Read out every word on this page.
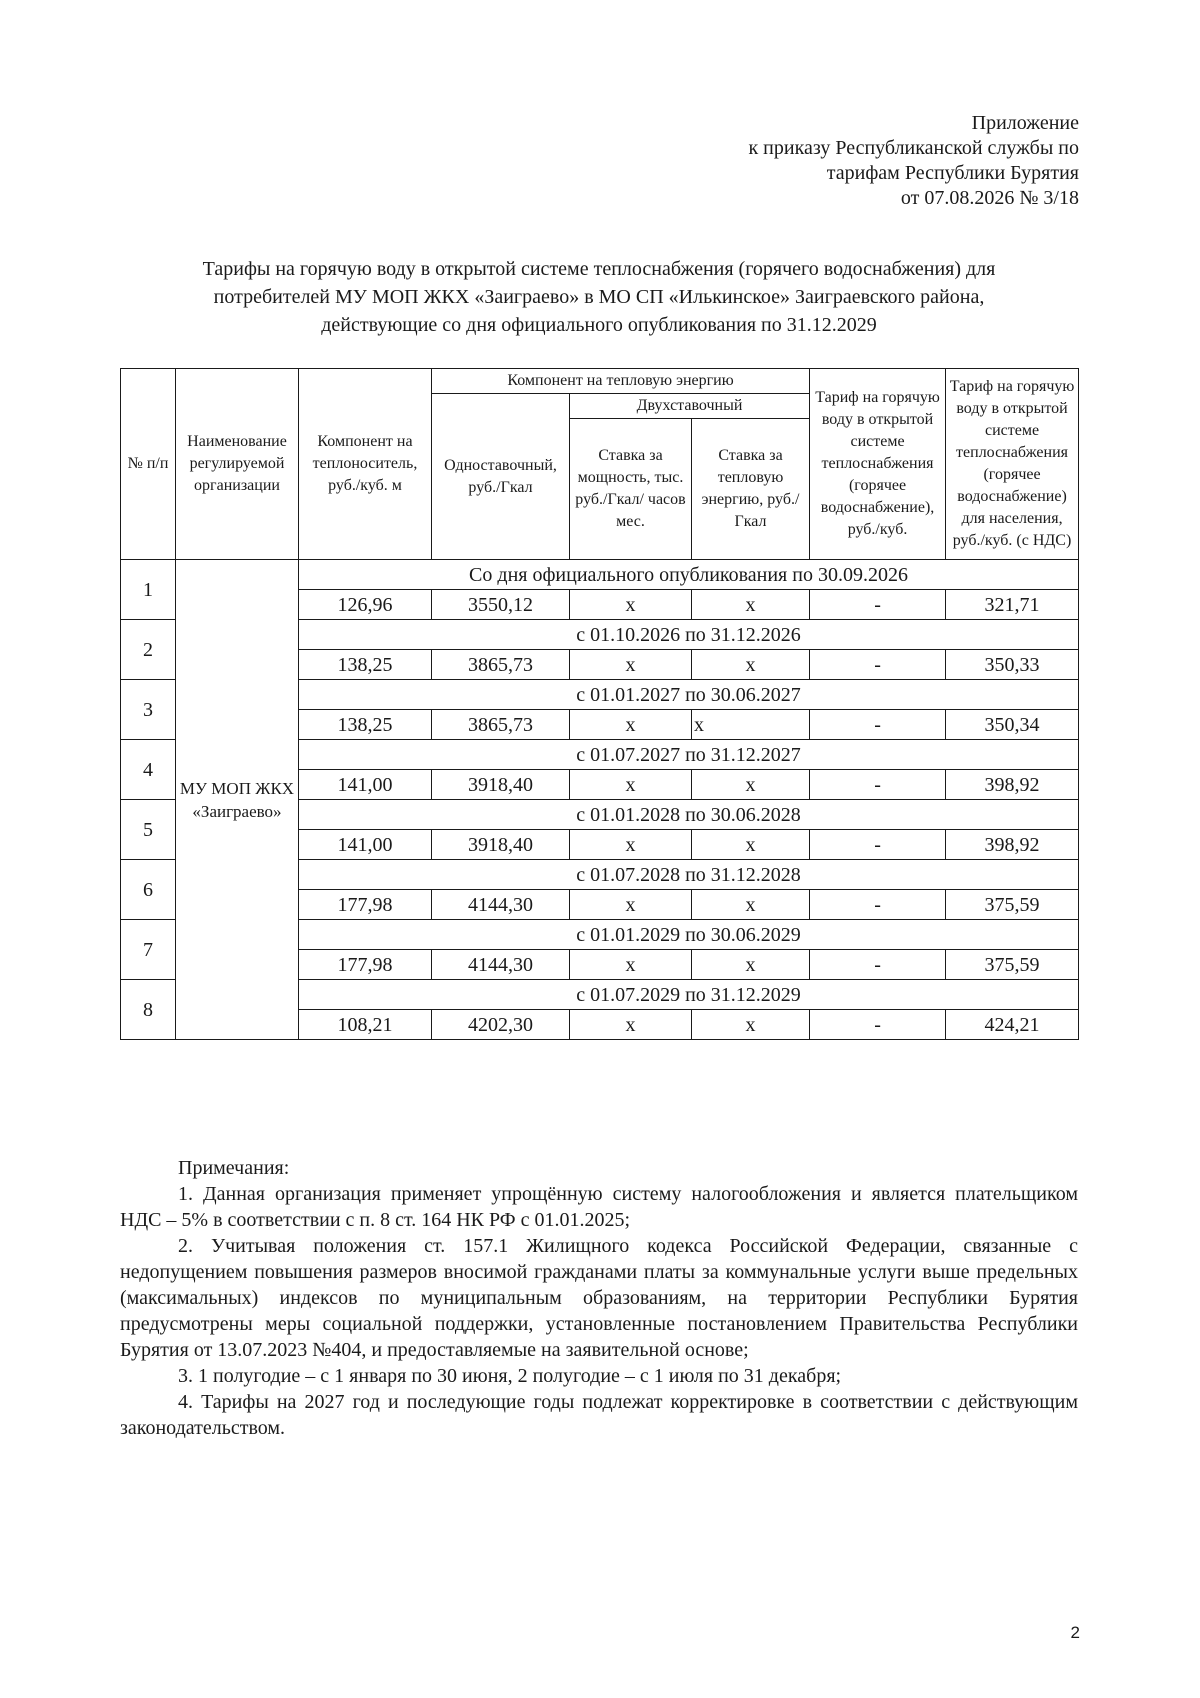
Приложение
к приказу Республиканской службы по
тарифам Республики Бурятия
от 07.08.2026 № 3/18
Тарифы на горячую воду в открытой системе теплоснабжения (горячего водоснабжения) для
потребителей МУ МОП ЖКХ «Заиграево» в МО СП «Илькинское» Заиграевского района,
действующие со дня официального опубликования по 31.12.2029
№ п/п	Наименование регулируемой организации	Компонент на теплоноситель, руб./куб. м	Компонент на тепловую энергию			Тариф на горячую воду в открытой системе теплоснабжения (горячее водоснабжение), руб./куб.	Тариф на горячую воду в открытой системе теплоснабжения (горячее водоснабжение) для населения, руб./куб. (с НДС)
			Одноставочный, руб./Гкал	Двухставочный			
				Ставка за мощность, тыс. руб./Гкал/ часов мес.	Ставка за тепловую энергию, руб./Гкал		
1	МУ МОП ЖКХ «Заиграево»	Со дня официального опубликования по 30.09.2026					
		126,96	3550,12	х	х	-	321,71
2		с 01.10.2026 по 31.12.2026					
		138,25	3865,73	х	х	-	350,33
3		с 01.01.2027 по 30.06.2027					
		138,25	3865,73	х	х	-	350,34
4		с 01.07.2027 по 31.12.2027					
		141,00	3918,40	х	х	-	398,92
5		с 01.01.2028 по 30.06.2028					
		141,00	3918,40	х	х	-	398,92
6		с 01.07.2028 по 31.12.2028					
		177,98	4144,30	х	х	-	375,59
7		с 01.01.2029 по 30.06.2029					
		177,98	4144,30	х	х	-	375,59
8		с 01.07.2029 по 31.12.2029					
		108,21	4202,30	х	х	-	424,21
Примечания:

1. Данная организация применяет упрощённую систему налогообложения и является плательщиком НДС – 5% в соответствии с п. 8 ст. 164 НК РФ с 01.01.2025;

2. Учитывая положения ст. 157.1 Жилищного кодекса Российской Федерации, связанные с недопущением повышения размеров вносимой гражданами платы за коммунальные услуги выше предельных (максимальных) индексов по муниципальным образованиям, на территории Республики Бурятия предусмотрены меры социальной поддержки, установленные постановлением Правительства Республики Бурятия от 13.07.2023 №404, и предоставляемые на заявительной основе;

3. 1 полугодие – с 1 января по 30 июня, 2 полугодие – с 1 июля по 31 декабря;

4. Тарифы на 2027 год и последующие годы подлежат корректировке в соответствии с действующим законодательством.

2
